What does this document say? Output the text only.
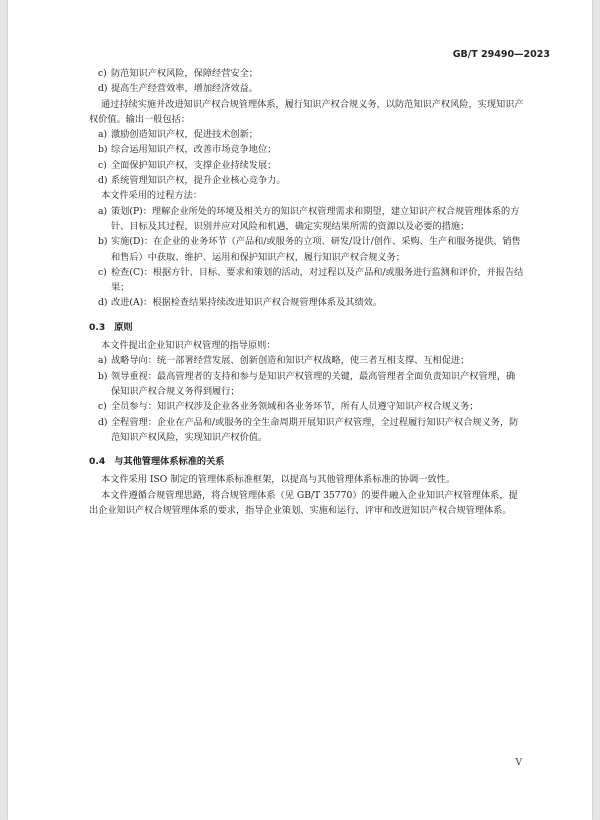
GB/T 29490—2023
c) 防范知识产权风险，保障经营安全；
d) 提高生产经营效率，增加经济效益。
通过持续实施并改进知识产权合规管理体系，履行知识产权合规义务，以防范知识产权风险，实现知识产权价值。输出一般包括：
a) 激励创造知识产权，促进技术创新；
b) 综合运用知识产权，改善市场竞争地位；
c) 全面保护知识产权，支撑企业持续发展；
d) 系统管理知识产权，提升企业核心竞争力。
本文件采用的过程方法：
a) 策划(P)：理解企业所处的环境及相关方的知识产权管理需求和期望，建立知识产权合规管理体系的方针、目标及其过程，识别并应对风险和机遇，确定实现结果所需的资源以及必要的措施；
b) 实施(D)：在企业的业务环节（产品和/或服务的立项、研发/设计/创作、采购、生产和服务提供、销售和售后）中获取、维护、运用和保护知识产权，履行知识产权合规义务；
c) 检查(C)：根据方针、目标、要求和策划的活动，对过程以及产品和/或服务进行监测和评价，并报告结果；
d) 改进(A)：根据检查结果持续改进知识产权合规管理体系及其绩效。
0.3 原则
本文件提出企业知识产权管理的指导原则：
a) 战略导向：统一部署经营发展、创新创造和知识产权战略，使三者互相支撑、互相促进；
b) 领导重视：最高管理者的支持和参与是知识产权管理的关键，最高管理者全面负责知识产权管理，确保知识产权合规义务得到履行；
c) 全员参与：知识产权涉及企业各业务领域和各业务环节，所有人员遵守知识产权合规义务；
d) 全程管理：企业在产品和/或服务的全生命周期开展知识产权管理，全过程履行知识产权合规义务，防范知识产权风险，实现知识产权价值。
0.4 与其他管理体系标准的关系
本文件采用 ISO 制定的管理体系标准框架，以提高与其他管理体系标准的协调一致性。
本文件遵循合规管理思路，将合规管理体系（见 GB/T 35770）的要件融入企业知识产权管理体系，提出企业知识产权合规管理体系的要求，指导企业策划、实施和运行、评审和改进知识产权合规管理体系。
V
